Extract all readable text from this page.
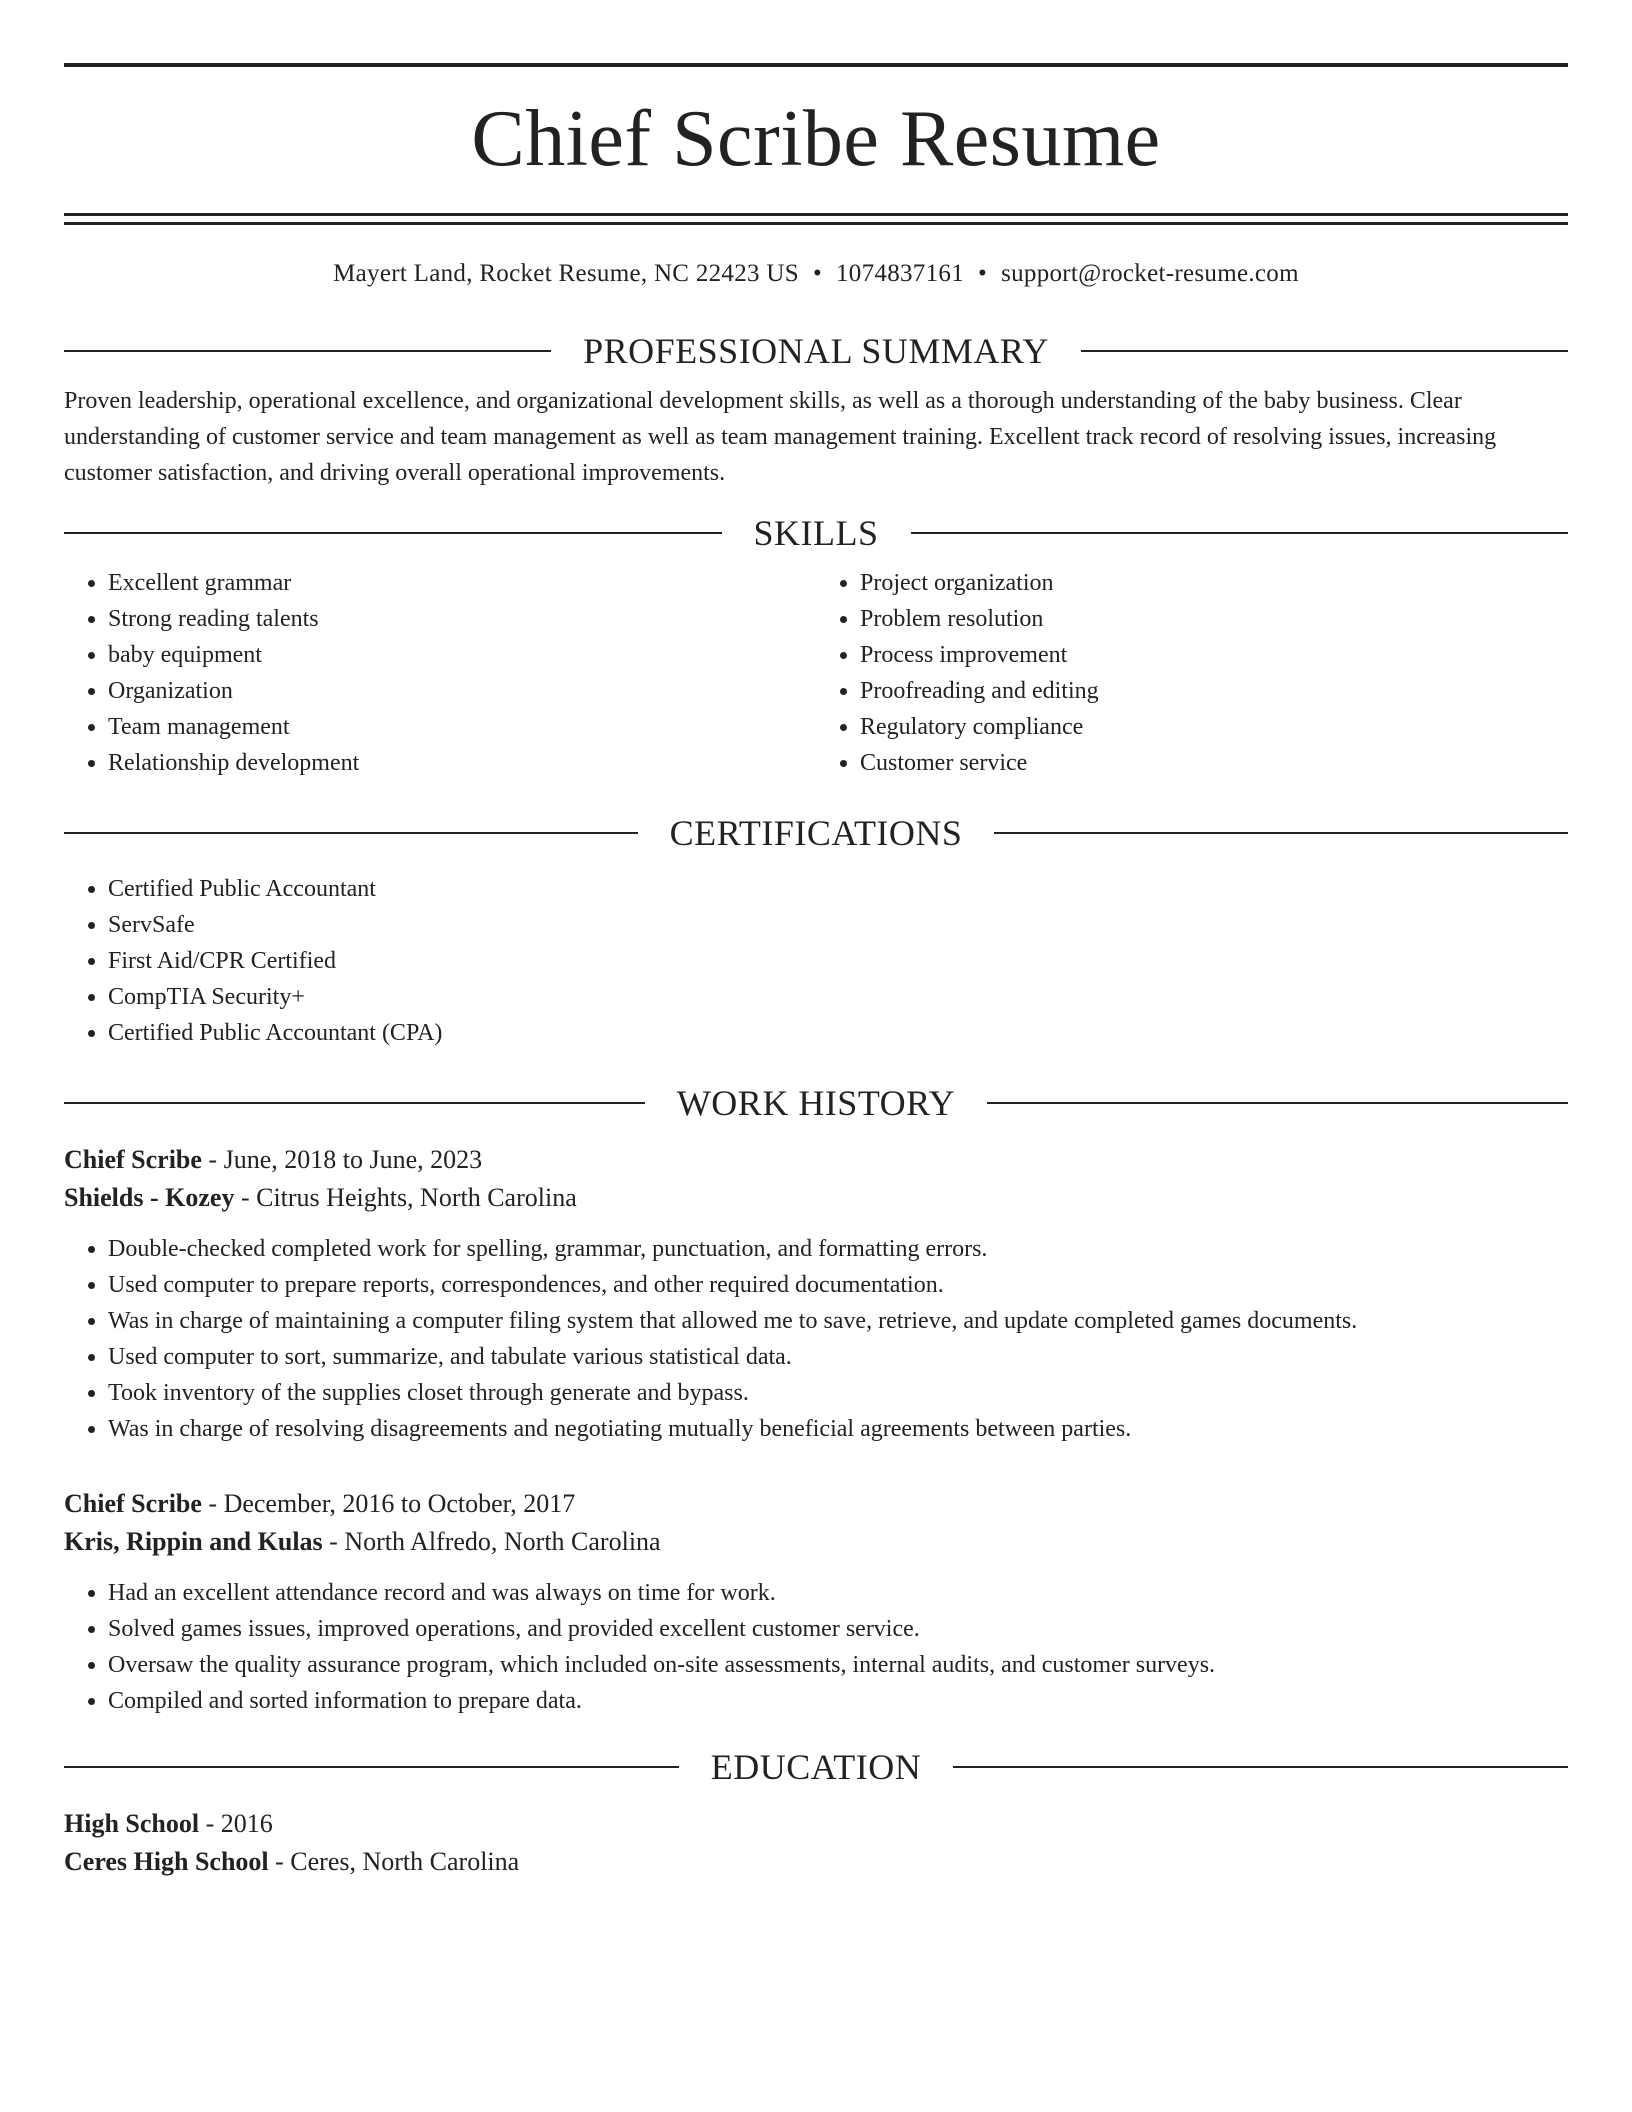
Chief Scribe Resume
Mayert Land, Rocket Resume, NC 22423 US • 1074837161 • support@rocket-resume.com
PROFESSIONAL SUMMARY
Proven leadership, operational excellence, and organizational development skills, as well as a thorough understanding of the baby business. Clear understanding of customer service and team management as well as team management training. Excellent track record of resolving issues, increasing customer satisfaction, and driving overall operational improvements.
SKILLS
• Excellent grammar
• Strong reading talents
• baby equipment
• Organization
• Team management
• Relationship development
• Project organization
• Problem resolution
• Process improvement
• Proofreading and editing
• Regulatory compliance
• Customer service
CERTIFICATIONS
• Certified Public Accountant
• ServSafe
• First Aid/CPR Certified
• CompTIA Security+
• Certified Public Accountant (CPA)
WORK HISTORY
Chief Scribe - June, 2018 to June, 2023
Shields - Kozey - Citrus Heights, North Carolina
• Double-checked completed work for spelling, grammar, punctuation, and formatting errors.
• Used computer to prepare reports, correspondences, and other required documentation.
• Was in charge of maintaining a computer filing system that allowed me to save, retrieve, and update completed games documents.
• Used computer to sort, summarize, and tabulate various statistical data.
• Took inventory of the supplies closet through generate and bypass.
• Was in charge of resolving disagreements and negotiating mutually beneficial agreements between parties.
Chief Scribe - December, 2016 to October, 2017
Kris, Rippin and Kulas - North Alfredo, North Carolina
• Had an excellent attendance record and was always on time for work.
• Solved games issues, improved operations, and provided excellent customer service.
• Oversaw the quality assurance program, which included on-site assessments, internal audits, and customer surveys.
• Compiled and sorted information to prepare data.
EDUCATION
High School - 2016
Ceres High School - Ceres, North Carolina
